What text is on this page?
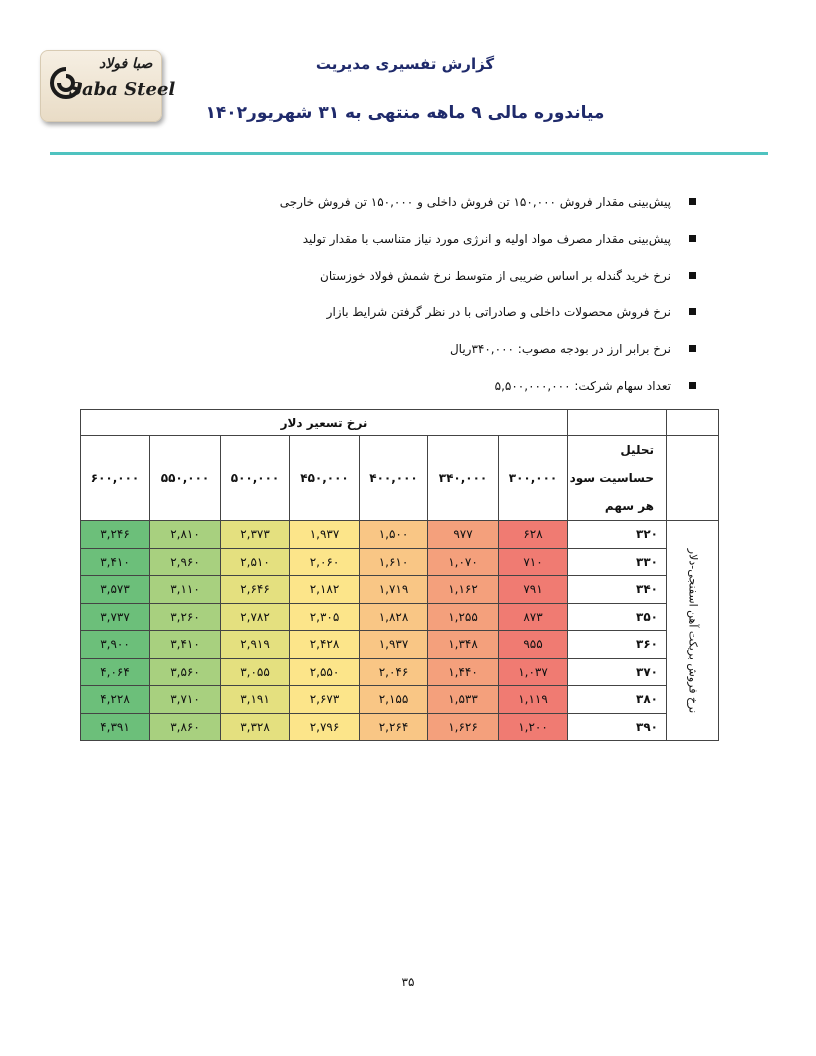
صبا فولاد
Saba Steel
گزارش تفسیری مدیریت
میاندوره مالی ۹ ماهه منتهی به ۳۱ شهریور۱۴۰۲
پیش‌بینی مقدار فروش ۱۵۰,۰۰۰ تن فروش داخلی و ۱۵۰,۰۰۰ تن فروش خارجی
پیش‌بینی مقدار مصرف مواد اولیه و انرژی مورد نیاز متناسب با مقدار تولید
نرخ خرید گندله بر اساس ضریبی از متوسط نرخ شمش فولاد خوزستان
نرخ فروش محصولات داخلی و صادراتی با در نظر گرفتن شرایط بازار
نرخ برابر ارز در بودجه مصوب: ۳۴۰,۰۰۰ریال
تعداد سهام شرکت: ۵,۵۰۰,۰۰۰,۰۰۰
		نرخ تسعیر دلار						

	تحلیل حساسیت سود
هر سهم	۳۰۰,۰۰۰	۳۴۰,۰۰۰	۴۰۰,۰۰۰	۴۵۰,۰۰۰	۵۰۰,۰۰۰	۵۵۰,۰۰۰	۶۰۰,۰۰۰

نرخ فروش بریکت آهن اسفنجی-دلار	۳۲۰	۶۲۸	۹۷۷	۱,۵۰۰	۱,۹۳۷	۲,۳۷۳	۲,۸۱۰	۳,۲۴۶
	۳۳۰	۷۱۰	۱,۰۷۰	۱,۶۱۰	۲,۰۶۰	۲,۵۱۰	۲,۹۶۰	۳,۴۱۰
	۳۴۰	۷۹۱	۱,۱۶۲	۱,۷۱۹	۲,۱۸۲	۲,۶۴۶	۳,۱۱۰	۳,۵۷۳
	۳۵۰	۸۷۳	۱,۲۵۵	۱,۸۲۸	۲,۳۰۵	۲,۷۸۲	۳,۲۶۰	۳,۷۳۷
	۳۶۰	۹۵۵	۱,۳۴۸	۱,۹۳۷	۲,۴۲۸	۲,۹۱۹	۳,۴۱۰	۳,۹۰۰
	۳۷۰	۱,۰۳۷	۱,۴۴۰	۲,۰۴۶	۲,۵۵۰	۳,۰۵۵	۳,۵۶۰	۴,۰۶۴
	۳۸۰	۱,۱۱۹	۱,۵۳۳	۲,۱۵۵	۲,۶۷۳	۳,۱۹۱	۳,۷۱۰	۴,۲۲۸
	۳۹۰	۱,۲۰۰	۱,۶۲۶	۲,۲۶۴	۲,۷۹۶	۳,۳۲۸	۳,۸۶۰	۴,۳۹۱
۳۵
